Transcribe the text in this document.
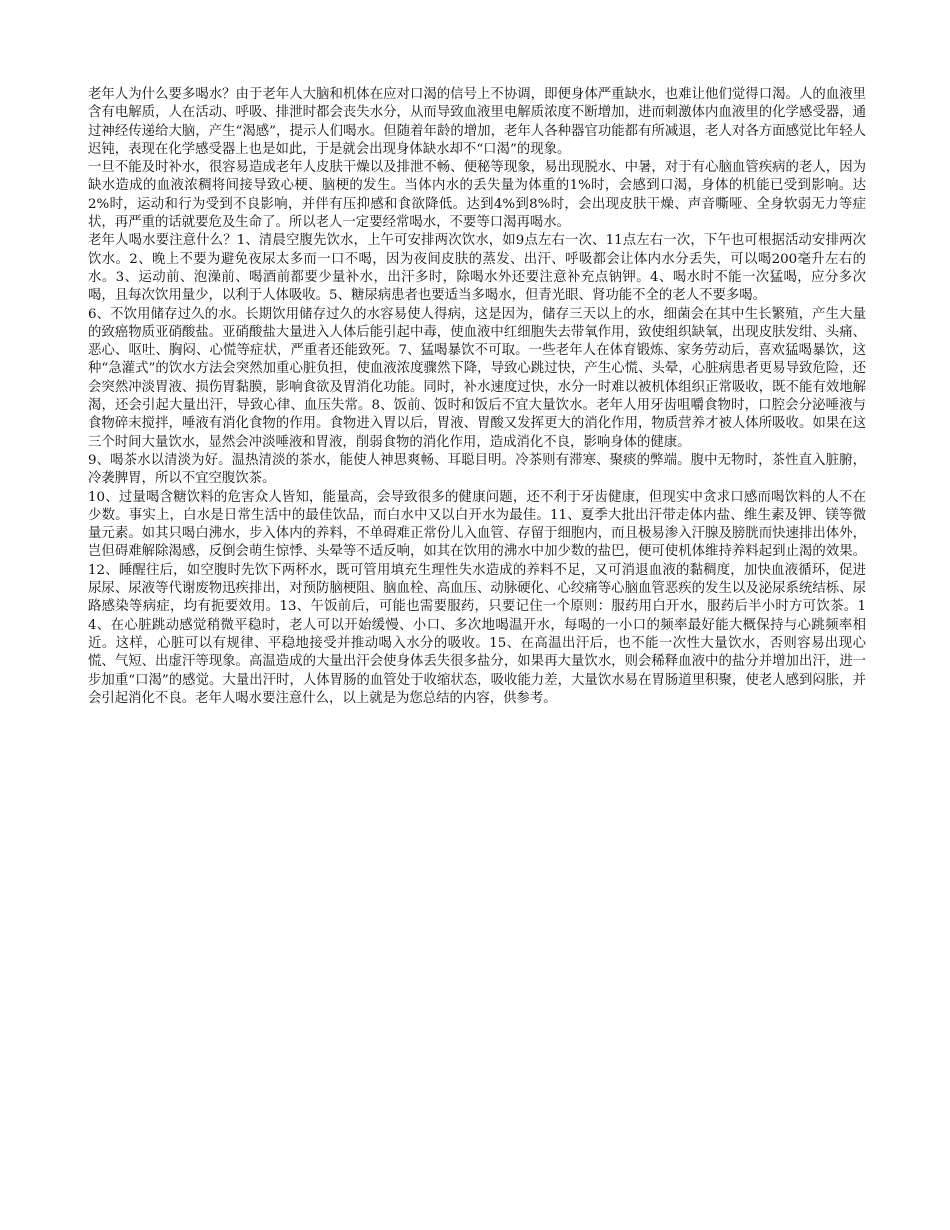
老年人为什么要多喝水？由于老年人大脑和机体在应对口渴的信号上不协调，即便身体严重缺水，也难让他们觉得口渴。人的血液里含有电解质，人在活动、呼吸、排泄时都会丧失水分，从而导致血液里电解质浓度不断增加，进而刺激体内血液里的化学感受器，通过神经传递给大脑，产生“渴感”，提示人们喝水。但随着年龄的增加，老年人各种器官功能都有所减退，老人对各方面感觉比年轻人迟钝，表现在化学感受器上也是如此，于是就会出现身体缺水却不“口渴”的现象。

一旦不能及时补水，很容易造成老年人皮肤干燥以及排泄不畅、便秘等现象，易出现脱水、中暑，对于有心脑血管疾病的老人，因为缺水造成的血液浓稠将间接导致心梗、脑梗的发生。当体内水的丢失量为体重的1%时，会感到口渴，身体的机能已受到影响。达2%时，运动和行为受到不良影响，并伴有压抑感和食欲降低。达到4%到8%时，会出现皮肤干燥、声音嘶哑、全身软弱无力等症状，再严重的话就要危及生命了。所以老人一定要经常喝水，不要等口渴再喝水。

老年人喝水要注意什么？1、清晨空腹先饮水，上午可安排两次饮水，如9点左右一次、11点左右一次，下午也可根据活动安排两次饮水。2、晚上不要为避免夜尿太多而一口不喝，因为夜间皮肤的蒸发、出汗、呼吸都会让体内水分丢失，可以喝200毫升左右的水。3、运动前、泡澡前、喝酒前都要少量补水，出汗多时，除喝水外还要注意补充点钠钾。4、喝水时不能一次猛喝，应分多次喝，且每次饮用量少，以利于人体吸收。5、糖尿病患者也要适当多喝水，但青光眼、肾功能不全的老人不要多喝。

6、不饮用储存过久的水。长期饮用储存过久的水容易使人得病，这是因为，储存三天以上的水，细菌会在其中生长繁殖，产生大量的致癌物质亚硝酸盐。亚硝酸盐大量进入人体后能引起中毒，使血液中红细胞失去带氧作用，致使组织缺氧，出现皮肤发绀、头痛、恶心、呕吐、胸闷、心慌等症状，严重者还能致死。7、猛喝暴饮不可取。一些老年人在体育锻炼、家务劳动后，喜欢猛喝暴饮，这种“急灌式”的饮水方法会突然加重心脏负担，使血液浓度骤然下降，导致心跳过快，产生心慌、头晕，心脏病患者更易导致危险，还会突然冲淡胃液、损伤胃黏膜，影响食欲及胃消化功能。同时，补水速度过快，水分一时难以被机体组织正常吸收，既不能有效地解渴，还会引起大量出汗，导致心律、血压失常。8、饭前、饭时和饭后不宜大量饮水。老年人用牙齿咀嚼食物时，口腔会分泌唾液与食物碎末搅拌，唾液有消化食物的作用。食物进入胃以后，胃液、胃酸又发挥更大的消化作用，物质营养才被人体所吸收。如果在这三个时间大量饮水，显然会冲淡唾液和胃液，削弱食物的消化作用，造成消化不良，影响身体的健康。

9、喝茶水以清淡为好。温热清淡的茶水，能使人神思爽畅、耳聪目明。冷茶则有滞寒、聚痰的弊端。腹中无物时，茶性直入脏腑，冷袭脾胃，所以不宜空腹饮茶。

10、过量喝含糖饮料的危害众人皆知，能量高，会导致很多的健康问题，还不利于牙齿健康，但现实中贪求口感而喝饮料的人不在少数。事实上，白水是日常生活中的最佳饮品，而白水中又以白开水为最佳。11、夏季大批出汗带走体内盐、维生素及钾、镁等微量元素。如其只喝白沸水，步入体内的养料，不单碍难正常份儿入血管、存留于细胞内，而且极易渗入汗腺及膀胱而快速排出体外，岂但碍难解除渴感，反倒会萌生惊悸、头晕等不适反响，如其在饮用的沸水中加少数的盐巴，便可使机体维持养料起到止渴的效果。12、睡醒往后，如空腹时先饮下两杯水，既可管用填充生理性失水造成的养料不足，又可消退血液的黏稠度，加快血液循环，促进尿尿、尿液等代谢废物迅疾排出，对预防脑梗阻、脑血栓、高血压、动脉硬化、心绞痛等心脑血管恶疾的发生以及泌尿系统结栎、尿路感染等病症，均有扼要效用。13、午饭前后，可能也需要服药，只要记住一个原则：服药用白开水，服药后半小时方可饮茶。14、在心脏跳动感觉稍微平稳时，老人可以开始缓慢、小口、多次地喝温开水，每喝的一小口的频率最好能大概保持与心跳频率相近。这样，心脏可以有规律、平稳地接受并推动喝入水分的吸收。15、在高温出汗后，也不能一次性大量饮水，否则容易出现心慌、气短、出虚汗等现象。高温造成的大量出汗会使身体丢失很多盐分，如果再大量饮水，则会稀释血液中的盐分并增加出汗，进一步加重“口渴”的感觉。大量出汗时，人体胃肠的血管处于收缩状态，吸收能力差，大量饮水易在胃肠道里积聚，使老人感到闷胀，并会引起消化不良。老年人喝水要注意什么，以上就是为您总结的内容，供参考。
